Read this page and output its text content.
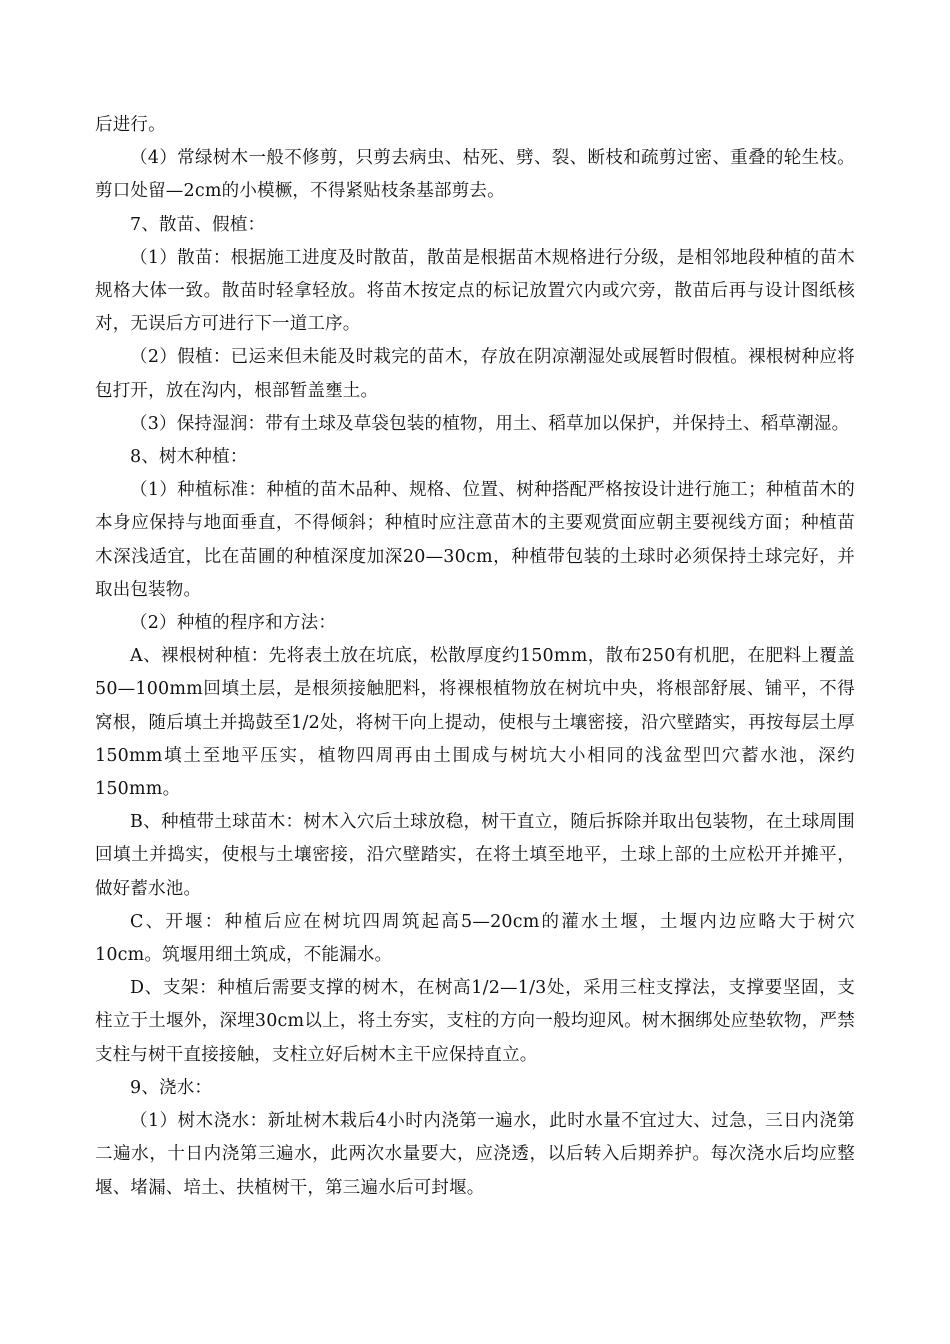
后进行。

（4）常绿树木一般不修剪，只剪去病虫、枯死、劈、裂、断枝和疏剪过密、重叠的轮生枝。剪口处留—2cm的小模橛，不得紧贴枝条基部剪去。

7、散苗、假植：

（1）散苗：根据施工进度及时散苗，散苗是根据苗木规格进行分级，是相邻地段种植的苗木规格大体一致。散苗时轻拿轻放。将苗木按定点的标记放置穴内或穴旁，散苗后再与设计图纸核对，无误后方可进行下一道工序。

（2）假植：已运来但未能及时栽完的苗木，存放在阴凉潮湿处或展暂时假植。裸根树种应将包打开，放在沟内，根部暂盖壅土。

（3）保持湿润：带有土球及草袋包装的植物，用土、稻草加以保护，并保持土、稻草潮湿。

8、树木种植：

（1）种植标准：种植的苗木品种、规格、位置、树种搭配严格按设计进行施工；种植苗木的本身应保持与地面垂直，不得倾斜；种植时应注意苗木的主要观赏面应朝主要视线方面；种植苗木深浅适宜，比在苗圃的种植深度加深20—30cm，种植带包装的土球时必须保持土球完好，并取出包装物。

（2）种植的程序和方法：

A、裸根树种植：先将表土放在坑底，松散厚度约150mm，散布250有机肥，在肥料上覆盖50—100mm回填土层，是根须接触肥料，将裸根植物放在树坑中央，将根部舒展、铺平，不得窝根，随后填土并捣鼓至1/2处，将树干向上提动，使根与土壤密接，沿穴壁踏实，再按每层土厚150mm填土至地平压实，植物四周再由土围成与树坑大小相同的浅盆型凹穴蓄水池，深约150mm。

B、种植带土球苗木：树木入穴后土球放稳，树干直立，随后拆除并取出包装物，在土球周围回填土并捣实，使根与土壤密接，沿穴壁踏实，在将土填至地平，土球上部的土应松开并摊平，做好蓄水池。

C、开堰：种植后应在树坑四周筑起高5—20cm的灌水土堰，土堰内边应略大于树穴10cm。筑堰用细土筑成，不能漏水。

D、支架：种植后需要支撑的树木，在树高1/2—1/3处，采用三柱支撑法，支撑要坚固，支柱立于土堰外，深埋30cm以上，将土夯实，支柱的方向一般均迎风。树木捆绑处应垫软物，严禁支柱与树干直接接触，支柱立好后树木主干应保持直立。

9、浇水：

（1）树木浇水：新址树木栽后4小时内浇第一遍水，此时水量不宜过大、过急，三日内浇第二遍水，十日内浇第三遍水，此两次水量要大，应浇透，以后转入后期养护。每次浇水后均应整堰、堵漏、培土、扶植树干，第三遍水后可封堰。
